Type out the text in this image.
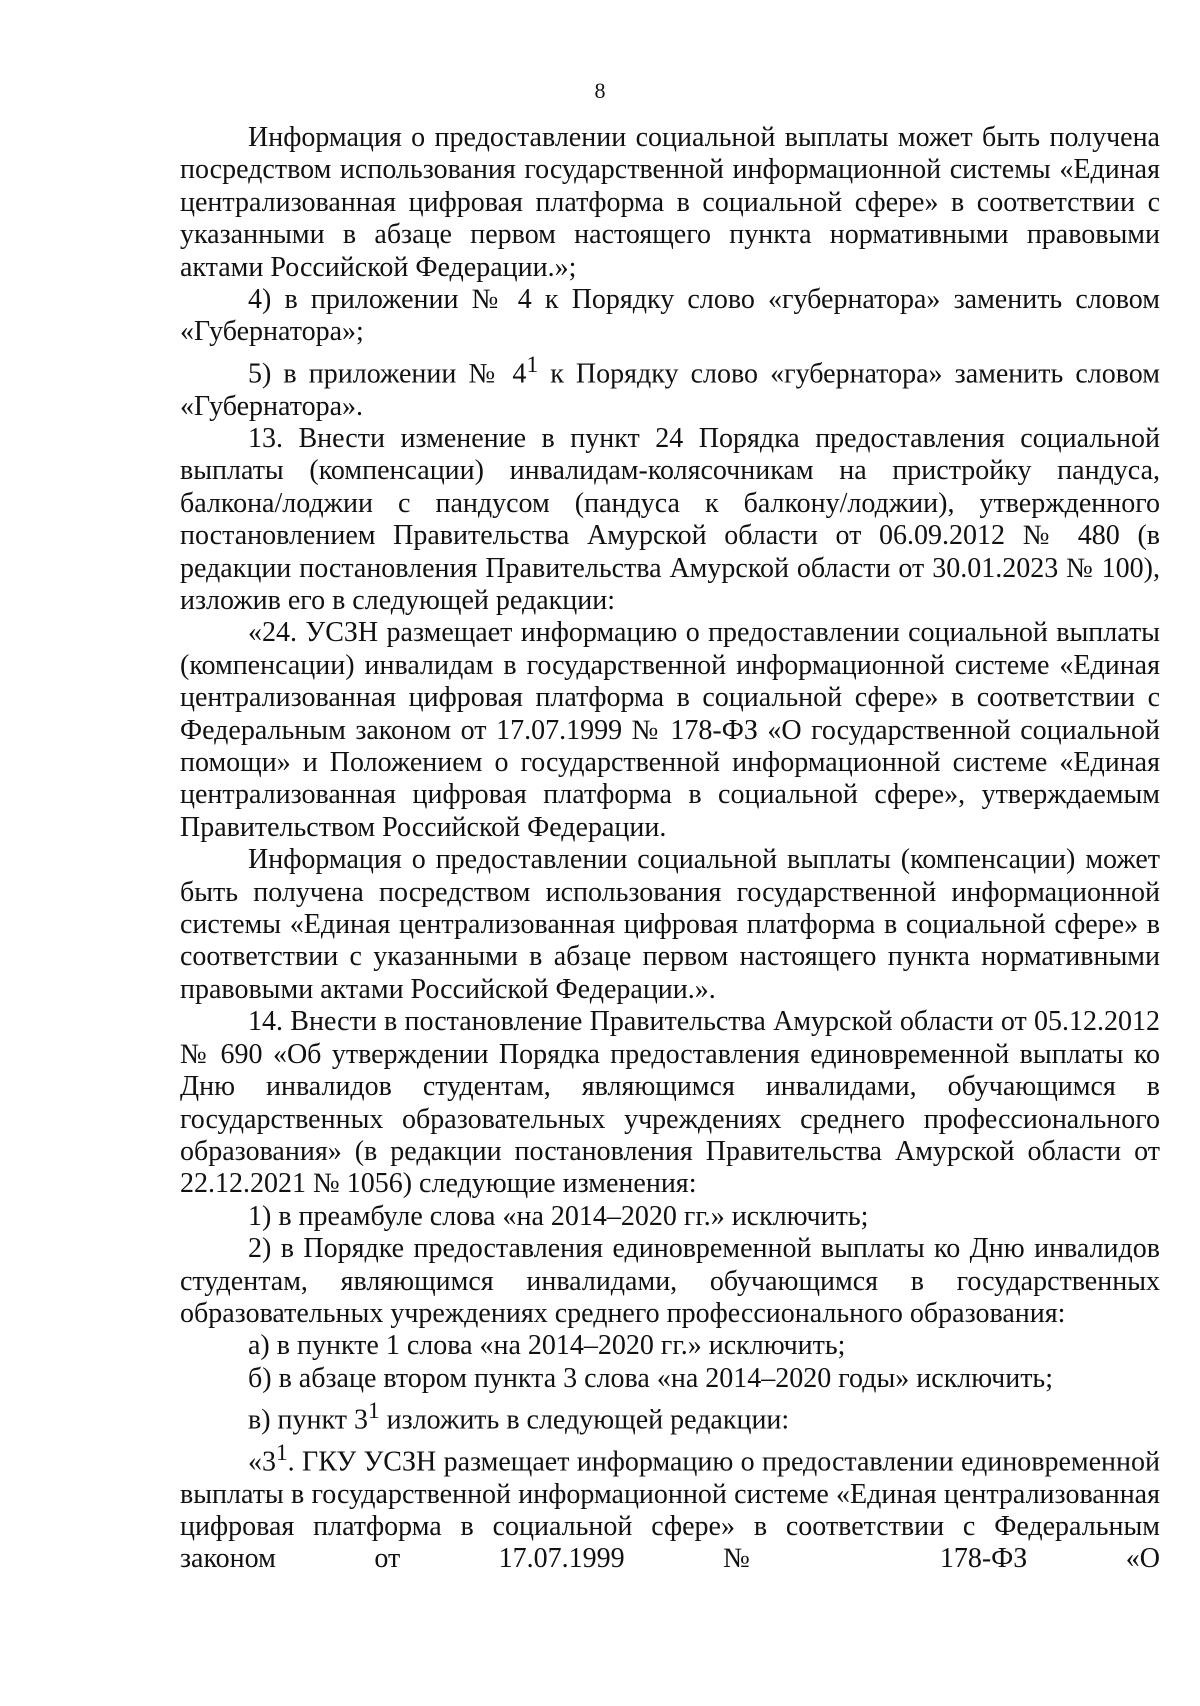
8

Информация о предоставлении социальной выплаты может быть получена посредством использования государственной информационной системы «Единая централизованная цифровая платформа в социальной сфере» в соответствии с указанными в абзаце первом настоящего пункта нормативными правовыми актами Российской Федерации.»;

4) в приложении № 4 к Порядку слово «губернатора» заменить словом «Губернатора»;

5) в приложении № $4^1$ к Порядку слово «губернатора» заменить словом «Губернатора».

13. Внести изменение в пункт 24 Порядка предоставления социальной выплаты (компенсации) инвалидам-колясочникам на пристройку пандуса, балкона/лоджии с пандусом (пандуса к балкону/лоджии), утвержденного постановлением Правительства Амурской области от 06.09.2012 № 480 (в редакции постановления Правительства Амурской области от 30.01.2023 № 100), изложив его в следующей редакции:

«24. УСЗН размещает информацию о предоставлении социальной выплаты (компенсации) инвалидам в государственной информационной системе «Единая централизованная цифровая платформа в социальной сфере» в соответствии с Федеральным законом от 17.07.1999 № 178-ФЗ «О государственной социальной помощи» и Положением о государственной информационной системе «Единая централизованная цифровая платформа в социальной сфере», утверждаемым Правительством Российской Федерации.

Информация о предоставлении социальной выплаты (компенсации) может быть получена посредством использования государственной информационной системы «Единая централизованная цифровая платформа в социальной сфере» в соответствии с указанными в абзаце первом настоящего пункта нормативными правовыми актами Российской Федерации.».

14. Внести в постановление Правительства Амурской области от 05.12.2012 № 690 «Об утверждении Порядка предоставления единовременной выплаты ко Дню инвалидов студентам, являющимся инвалидами, обучающимся в государственных образовательных учреждениях среднего профессионального образования» (в редакции постановления Правительства Амурской области от 22.12.2021 № 1056) следующие изменения:

1) в преамбуле слова «на 2014–2020 гг.» исключить;

2) в Порядке предоставления единовременной выплаты ко Дню инвалидов студентам, являющимся инвалидами, обучающимся в государственных образовательных учреждениях среднего профессионального образования:

а) в пункте 1 слова «на 2014–2020 гг.» исключить;

б) в абзаце втором пункта 3 слова «на 2014–2020 годы» исключить;

в) пункт $3^1$ изложить в следующей редакции:

«$3^1$. ГКУ УСЗН размещает информацию о предоставлении единовременной выплаты в государственной информационной системе «Единая централизованная цифровая платформа в социальной сфере» в соответствии с Федеральным законом от 17.07.1999 № 178-ФЗ «О
